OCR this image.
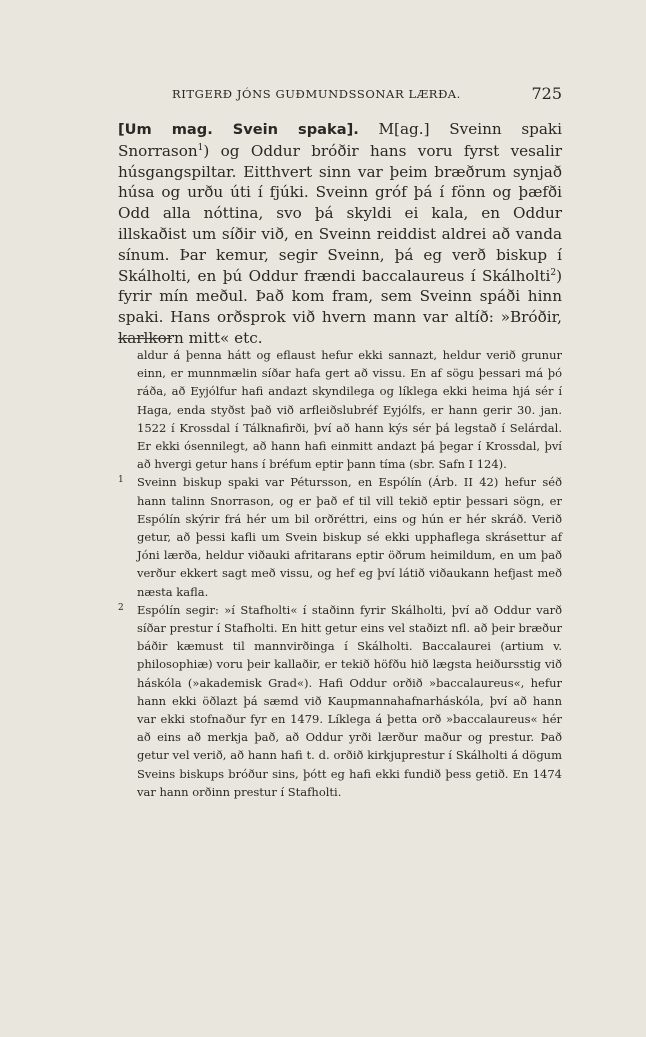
RITGERÐ JÓNS GUÐMUNDSSONAR LÆRÐA.	725

[Um mag. Svein spaka]. M[ag.] Sveinn spaki Snorrason$^1$) og Oddur bróðir hans voru fyrst vesalir húsgangspiltar. Eitthvert sinn var þeim bræðrum synjað húsa og urðu úti í fjúki. Sveinn gróf þá í fönn og þæfði Odd alla nóttina, svo þá skyldi ei kala, en Oddur illskaðist um síðir við, en Sveinn reiddist aldrei að vanda sínum. Þar kemur, segir Sveinn, þá eg verð biskup í Skálholti, en þú Oddur frændi baccalaureus í Skálholti$^2$) fyrir mín meðul. Það kom fram, sem Sveinn spáði hinn spaki. Hans orðsprok við hvern mann var altíð: »Bróðir, karlkorn mitt« etc.

aldur á þenna hátt og eflaust hefur ekki sannazt, heldur verið grunur einn, er munnmælin síðar hafa gert að vissu. En af sögu þessari má þó ráða, að Eyjólfur hafi andazt skyndilega og líklega ekki heima hjá sér í Haga, enda styðst það við arfleiðslubréf Eyjólfs, er hann gerir 30. jan. 1522 í Krossdal í Tálknafirði, því að hann kýs sér þá legstað í Selárdal. Er ekki ósennilegt, að hann hafi einmitt andazt þá þegar í Krossdal, því að hvergi getur hans í bréfum eptir þann tíma (sbr. Safn I 124).

1 Sveinn biskup spaki var Pétursson, en Espólín (Árb. II 42) hefur séð hann talinn Snorrason, og er það ef til vill tekið eptir þessari sögn, er Espólín skýrir frá hér um bil orðréttri, eins og hún er hér skráð. Verið getur, að þessi kafli um Svein biskup sé ekki upphaflega skrásettur af Jóni lærða, heldur viðauki afritarans eptir öðrum heimildum, en um það verður ekkert sagt með vissu, og hef eg því látið viðaukann hefjast með næsta kafla.

2 Espólín segir: »í Stafholti« í staðinn fyrir Skálholti, því að Oddur varð síðar prestur í Stafholti. En hitt getur eins vel staðizt nfl. að þeir bræður báðir kæmust til mannvirðinga í Skálholti. Baccalaurei (artium v. philosophiæ) voru þeir kallaðir, er tekið höfðu hið lægsta heiðursstig við háskóla (»akademisk Grad«). Hafi Oddur orðið »baccalaureus«, hefur hann ekki öðlazt þá sæmd við Kaupmannahafnarháskóla, því að hann var ekki stofnaður fyr en 1479. Líklega á þetta orð »baccalaureus« hér að eins að merkja það, að Oddur yrði lærður maður og prestur. Það getur vel verið, að hann hafi t. d. orðið kirkjuprestur í Skálholti á dögum Sveins biskups bróður sins, þótt eg hafi ekki fundið þess getið. En 1474 var hann orðinn prestur í Stafholti.
